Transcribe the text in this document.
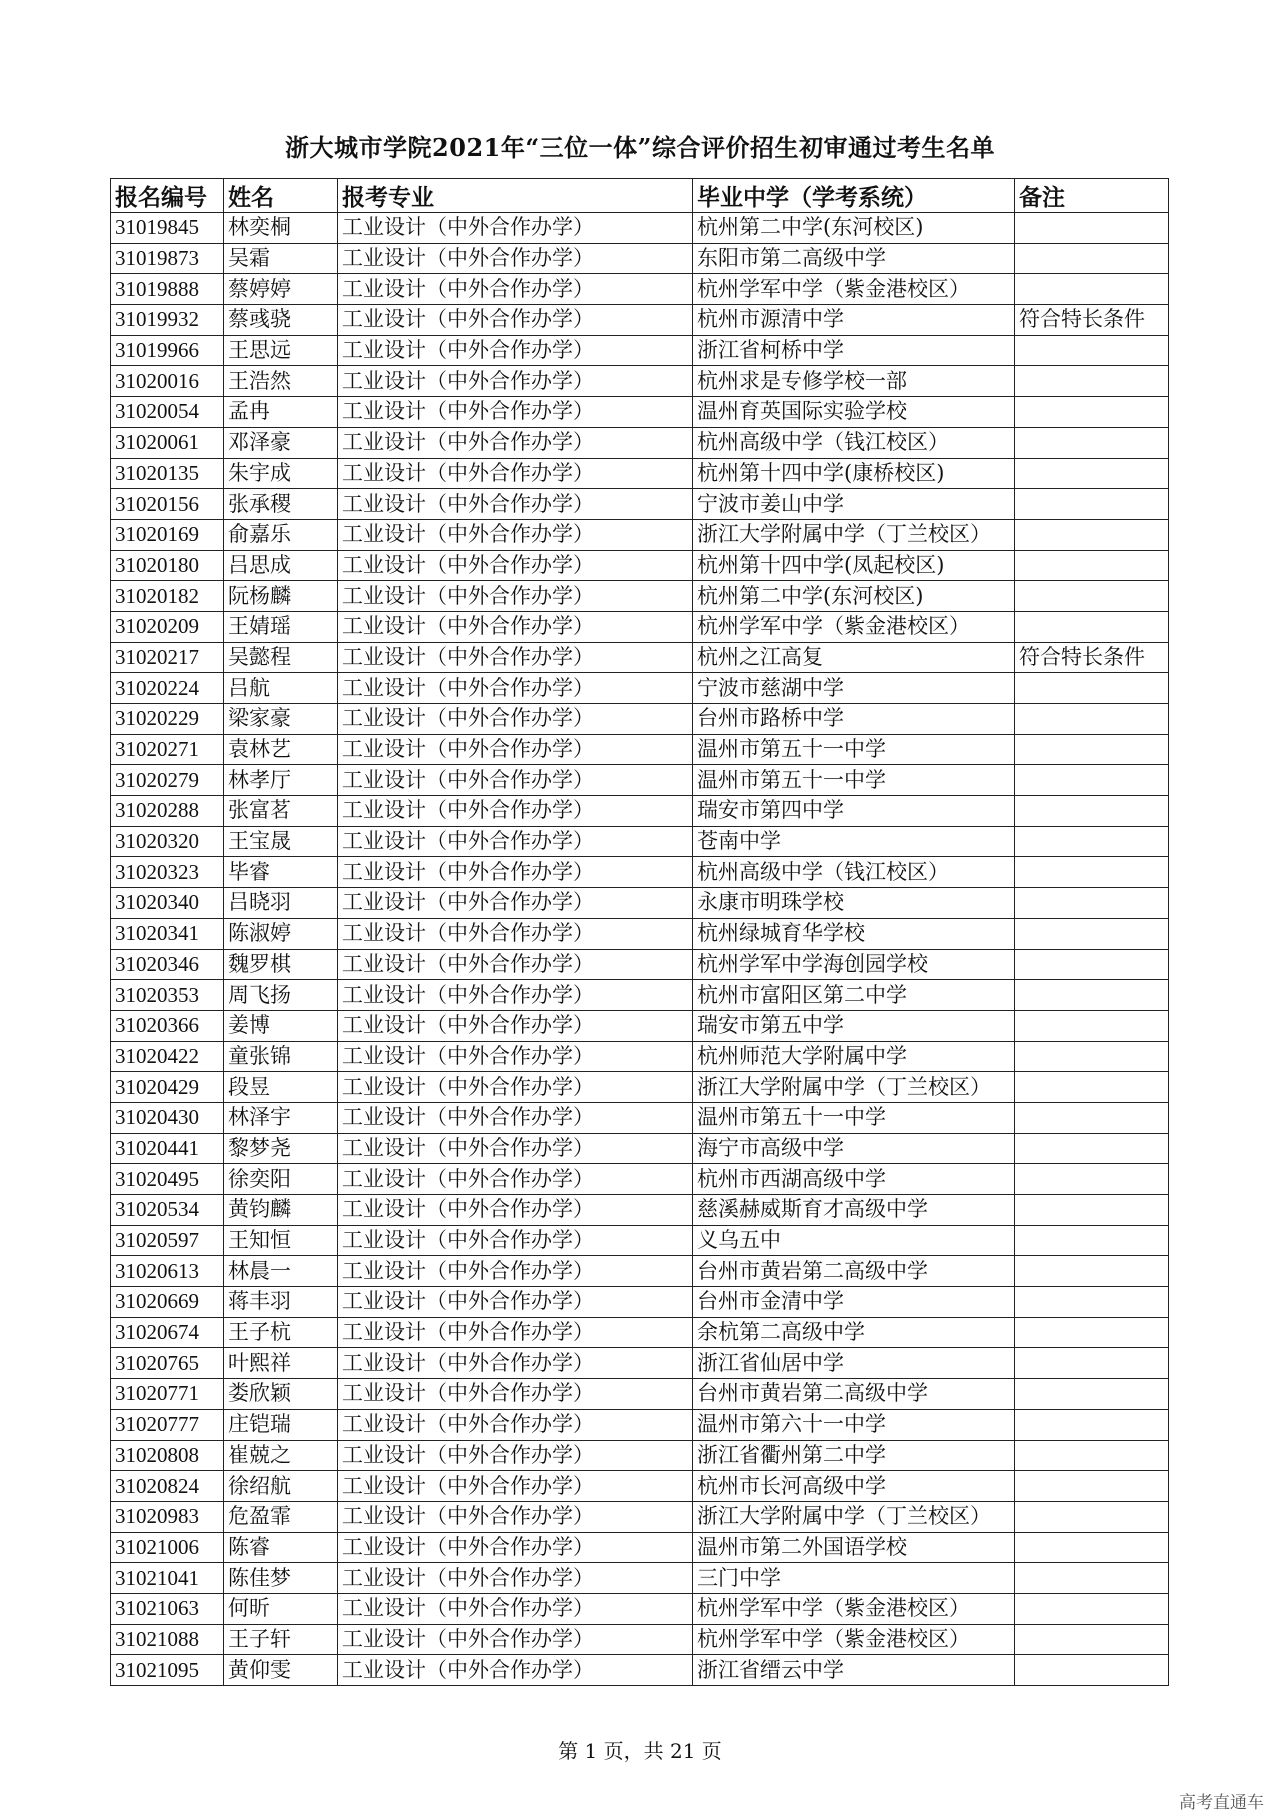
浙大城市学院2021年“三位一体”综合评价招生初审通过考生名单
报名编号	姓名	报考专业	毕业中学（学考系统）	备注
31019845	林奕桐	工业设计（中外合作办学）	杭州第二中学(东河校区)	
31019873	吴霜	工业设计（中外合作办学）	东阳市第二高级中学	
31019888	蔡婷婷	工业设计（中外合作办学）	杭州学军中学（紫金港校区）	
31019932	蔡彧骁	工业设计（中外合作办学）	杭州市源清中学	符合特长条件
31019966	王思远	工业设计（中外合作办学）	浙江省柯桥中学	
31020016	王浩然	工业设计（中外合作办学）	杭州求是专修学校一部	
31020054	孟冉	工业设计（中外合作办学）	温州育英国际实验学校	
31020061	邓泽豪	工业设计（中外合作办学）	杭州高级中学（钱江校区）	
31020135	朱宇成	工业设计（中外合作办学）	杭州第十四中学(康桥校区)	
31020156	张承稷	工业设计（中外合作办学）	宁波市姜山中学	
31020169	俞嘉乐	工业设计（中外合作办学）	浙江大学附属中学（丁兰校区）	
31020180	吕思成	工业设计（中外合作办学）	杭州第十四中学(凤起校区)	
31020182	阮杨麟	工业设计（中外合作办学）	杭州第二中学(东河校区)	
31020209	王婧瑶	工业设计（中外合作办学）	杭州学军中学（紫金港校区）	
31020217	吴懿程	工业设计（中外合作办学）	杭州之江高复	符合特长条件
31020224	吕航	工业设计（中外合作办学）	宁波市慈湖中学	
31020229	梁家豪	工业设计（中外合作办学）	台州市路桥中学	
31020271	袁林艺	工业设计（中外合作办学）	温州市第五十一中学	
31020279	林孝厅	工业设计（中外合作办学）	温州市第五十一中学	
31020288	张富茗	工业设计（中外合作办学）	瑞安市第四中学	
31020320	王宝晟	工业设计（中外合作办学）	苍南中学	
31020323	毕睿	工业设计（中外合作办学）	杭州高级中学（钱江校区）	
31020340	吕晓羽	工业设计（中外合作办学）	永康市明珠学校	
31020341	陈淑婷	工业设计（中外合作办学）	杭州绿城育华学校	
31020346	魏罗棋	工业设计（中外合作办学）	杭州学军中学海创园学校	
31020353	周飞扬	工业设计（中外合作办学）	杭州市富阳区第二中学	
31020366	姜博	工业设计（中外合作办学）	瑞安市第五中学	
31020422	童张锦	工业设计（中外合作办学）	杭州师范大学附属中学	
31020429	段昱	工业设计（中外合作办学）	浙江大学附属中学（丁兰校区）	
31020430	林泽宇	工业设计（中外合作办学）	温州市第五十一中学	
31020441	黎梦尧	工业设计（中外合作办学）	海宁市高级中学	
31020495	徐奕阳	工业设计（中外合作办学）	杭州市西湖高级中学	
31020534	黄钧麟	工业设计（中外合作办学）	慈溪赫威斯育才高级中学	
31020597	王知恒	工业设计（中外合作办学）	义乌五中	
31020613	林晨一	工业设计（中外合作办学）	台州市黄岩第二高级中学	
31020669	蒋丰羽	工业设计（中外合作办学）	台州市金清中学	
31020674	王子杭	工业设计（中外合作办学）	余杭第二高级中学	
31020765	叶熙祥	工业设计（中外合作办学）	浙江省仙居中学	
31020771	娄欣颖	工业设计（中外合作办学）	台州市黄岩第二高级中学	
31020777	庄铠瑞	工业设计（中外合作办学）	温州市第六十一中学	
31020808	崔兢之	工业设计（中外合作办学）	浙江省衢州第二中学	
31020824	徐绍航	工业设计（中外合作办学）	杭州市长河高级中学	
31020983	危盈霏	工业设计（中外合作办学）	浙江大学附属中学（丁兰校区）	
31021006	陈睿	工业设计（中外合作办学）	温州市第二外国语学校	
31021041	陈佳梦	工业设计（中外合作办学）	三门中学	
31021063	何昕	工业设计（中外合作办学）	杭州学军中学（紫金港校区）	
31021088	王子轩	工业设计（中外合作办学）	杭州学军中学（紫金港校区）	
31021095	黄仰雯	工业设计（中外合作办学）	浙江省缙云中学	
第 1 页，共 21 页
高考直通车
